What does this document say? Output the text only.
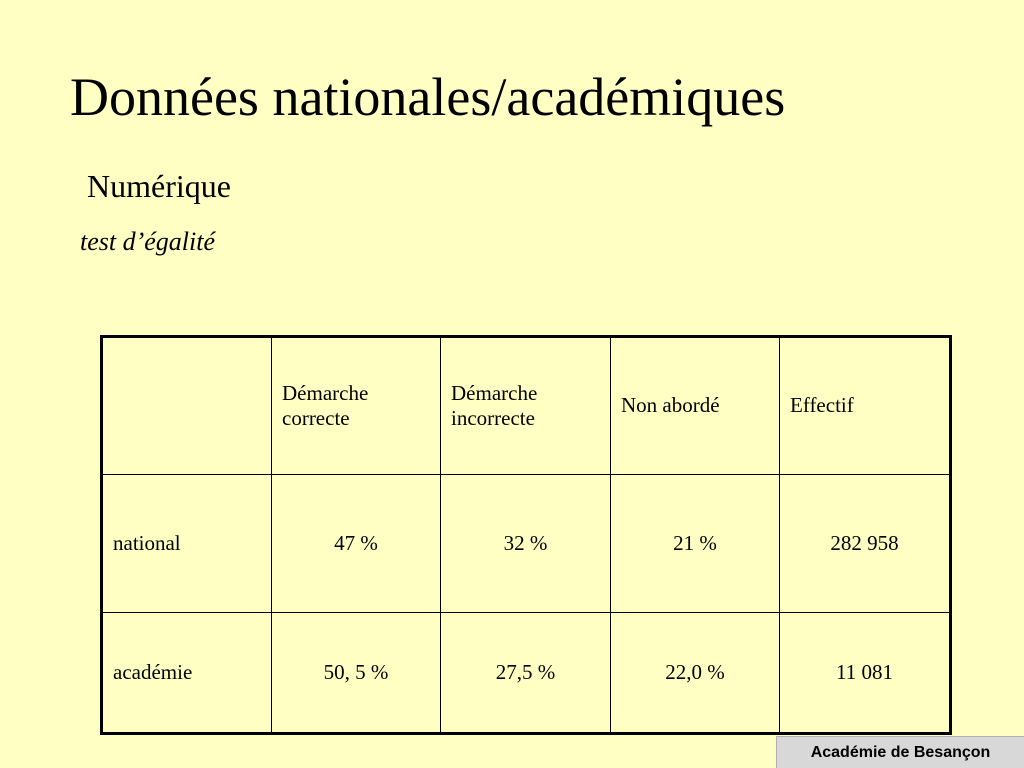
Données nationales/académiques
Numérique
test d’égalité
	Démarche correcte	Démarche incorrecte	Non abordé	Effectif
national	47 %	32 %	21 %	282 958
académie	50, 5 %	27,5 %	22,0 %	11 081
Académie de Besançon
